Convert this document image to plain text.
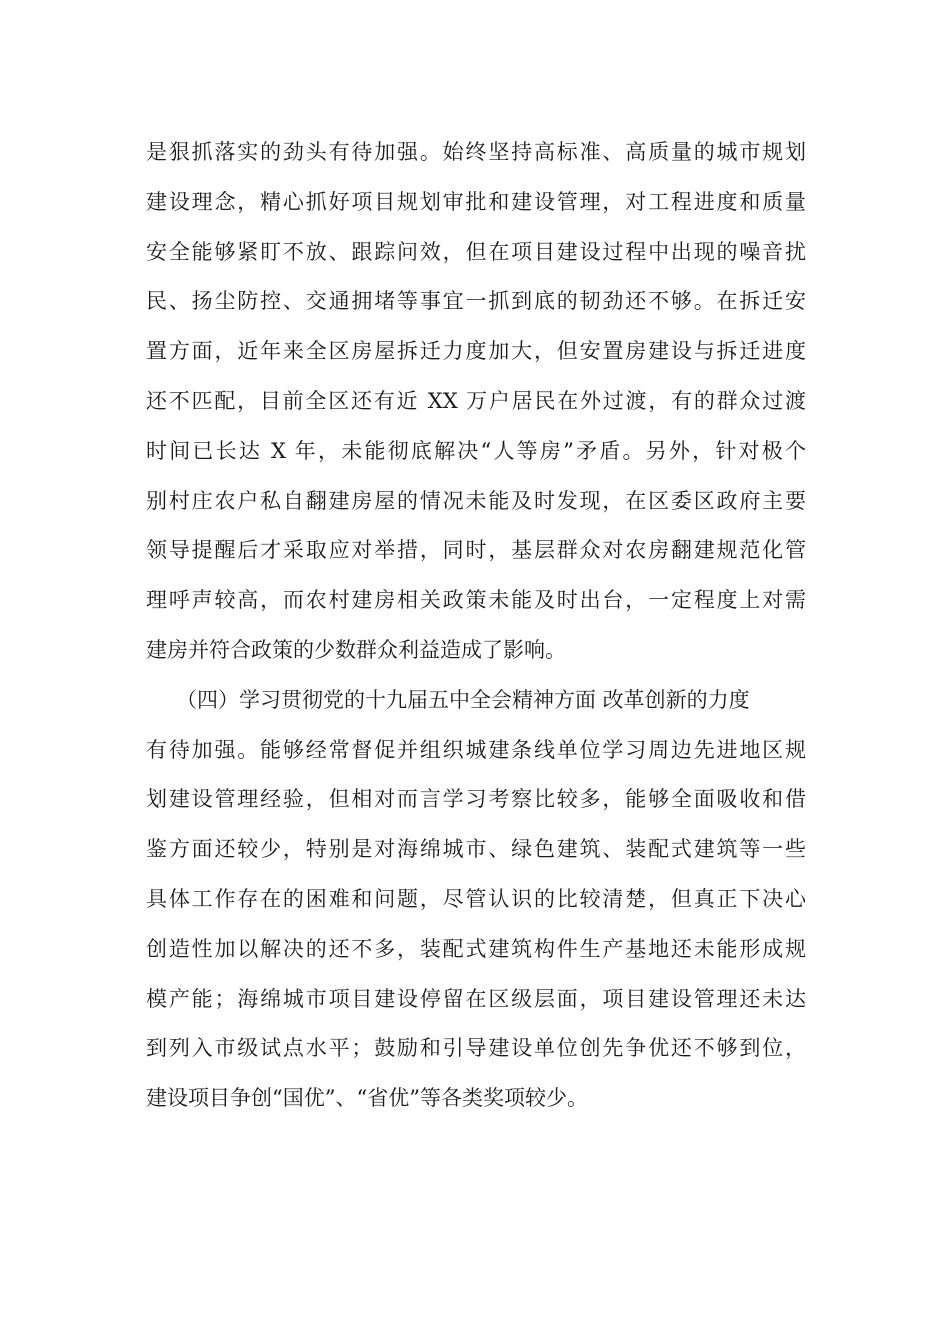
是狠抓落实的劲头有待加强。始终坚持高标准、高质量的城市规划
建设理念，精心抓好项目规划审批和建设管理，对工程进度和质量
安全能够紧盯不放、跟踪问效，但在项目建设过程中出现的噪音扰
民、扬尘防控、交通拥堵等事宜一抓到底的韧劲还不够。在拆迁安
置方面，近年来全区房屋拆迁力度加大，但安置房建设与拆迁进度
还不匹配，目前全区还有近 XX 万户居民在外过渡，有的群众过渡
时间已长达 X 年，未能彻底解决“人等房”矛盾。另外，针对极个
别村庄农户私自翻建房屋的情况未能及时发现，在区委区政府主要
领导提醒后才采取应对举措，同时，基层群众对农房翻建规范化管
理呼声较高，而农村建房相关政策未能及时出台，一定程度上对需
建房并符合政策的少数群众利益造成了影响。
（四）学习贯彻党的十九届五中全会精神方面 改革创新的力度
有待加强。能够经常督促并组织城建条线单位学习周边先进地区规
划建设管理经验，但相对而言学习考察比较多，能够全面吸收和借
鉴方面还较少，特别是对海绵城市、绿色建筑、装配式建筑等一些
具体工作存在的困难和问题，尽管认识的比较清楚，但真正下决心
创造性加以解决的还不多，装配式建筑构件生产基地还未能形成规
模产能；海绵城市项目建设停留在区级层面，项目建设管理还未达
到列入市级试点水平；鼓励和引导建设单位创先争优还不够到位，
建设项目争创“国优”、“省优”等各类奖项较少。
